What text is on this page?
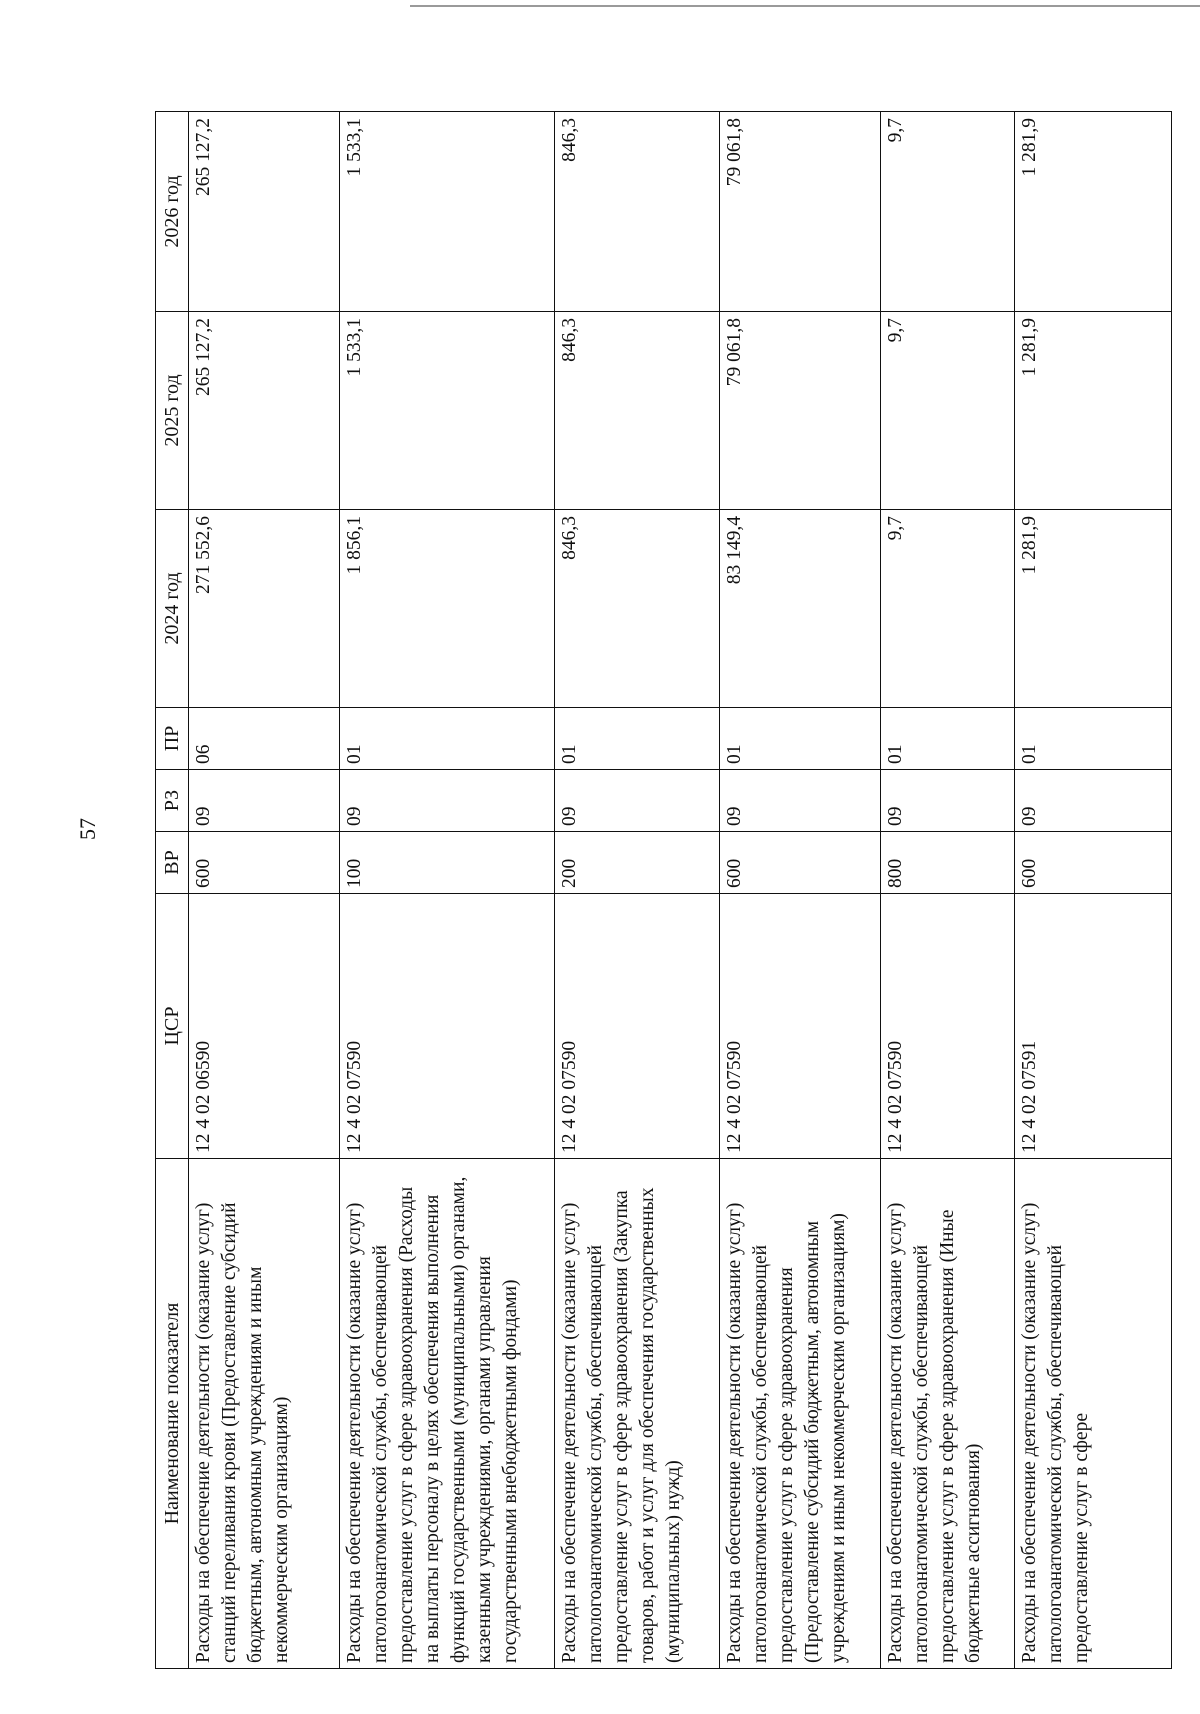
57
Наименование показателя	ЦСР	ВР	РЗ	ПР	2024 год	2025 год	2026 год
Расходы на обеспечение деятельности (оказание услуг) станций переливания крови (Предоставление субсидий бюджетным, автономным учреждениям и иным некоммерческим организациям)	12 4 02 06590	600	09	06	271 552,6	265 127,2	265 127,2
Расходы на обеспечение деятельности (оказание услуг) патологоанатомической службы, обеспечивающей предоставление услуг в сфере здравоохранения (Расходы на выплаты персоналу в целях обеспечения выполнения функций государственными (муниципальными) органами, казенными учреждениями, органами управления государственными внебюджетными фондами)	12 4 02 07590	100	09	01	1 856,1	1 533,1	1 533,1
Расходы на обеспечение деятельности (оказание услуг) патологоанатомической службы, обеспечивающей предоставление услуг в сфере здравоохранения (Закупка товаров, работ и услуг для обеспечения государственных (муниципальных) нужд)	12 4 02 07590	200	09	01	846,3	846,3	846,3
Расходы на обеспечение деятельности (оказание услуг) патологоанатомической службы, обеспечивающей предоставление услуг в сфере здравоохранения (Предоставление субсидий бюджетным, автономным учреждениям и иным некоммерческим организациям)	12 4 02 07590	600	09	01	83 149,4	79 061,8	79 061,8
Расходы на обеспечение деятельности (оказание услуг) патологоанатомической службы, обеспечивающей предоставление услуг в сфере здравоохранения (Иные бюджетные ассигнования)	12 4 02 07590	800	09	01	9,7	9,7	9,7
Расходы на обеспечение деятельности (оказание услуг) патологоанатомической службы, обеспечивающей предоставление услуг в сфере	12 4 02 07591	600	09	01	1 281,9	1 281,9	1 281,9
